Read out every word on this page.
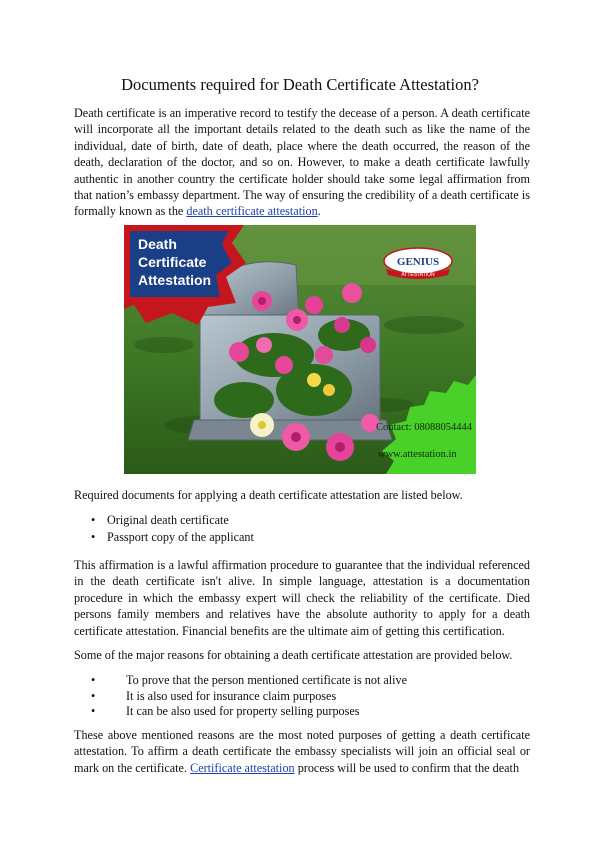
Documents required for Death Certificate Attestation?

Death certificate is an imperative record to testify the decease of a person. A death certificate will incorporate all the important details related to the death such as like the name of the individual, date of birth, date of death, place where the death occurred, the reason of the death, declaration of the doctor, and so on. However, to make a death certificate lawfully authentic in another country the certificate holder should take some legal affirmation from that nation’s embassy department. The way of ensuring the credibility of a death certificate is formally known as the death certificate attestation.

Death
Certificate
Attestation
GENIUS
ATTESTATION
Contact: 08088054444
www.attestation.in

Required documents for applying a death certificate attestation are listed below.

• Original death certificate
• Passport copy of the applicant

This affirmation is a lawful affirmation procedure to guarantee that the individual referenced in the death certificate isn't alive. In simple language, attestation is a documentation procedure in which the embassy expert will check the reliability of the certificate. Died persons family members and relatives have the absolute authority to apply for a death certificate attestation. Financial benefits are the ultimate aim of getting this certification.

Some of the major reasons for obtaining a death certificate attestation are provided below.

•	To prove that the person mentioned certificate is not alive
•	It is also used for insurance claim purposes
•	It can be also used for property selling purposes

These above mentioned reasons are the most noted purposes of getting a death certificate attestation. To affirm a death certificate the embassy specialists will join an official seal or mark on the certificate. Certificate attestation process will be used to confirm that the death
